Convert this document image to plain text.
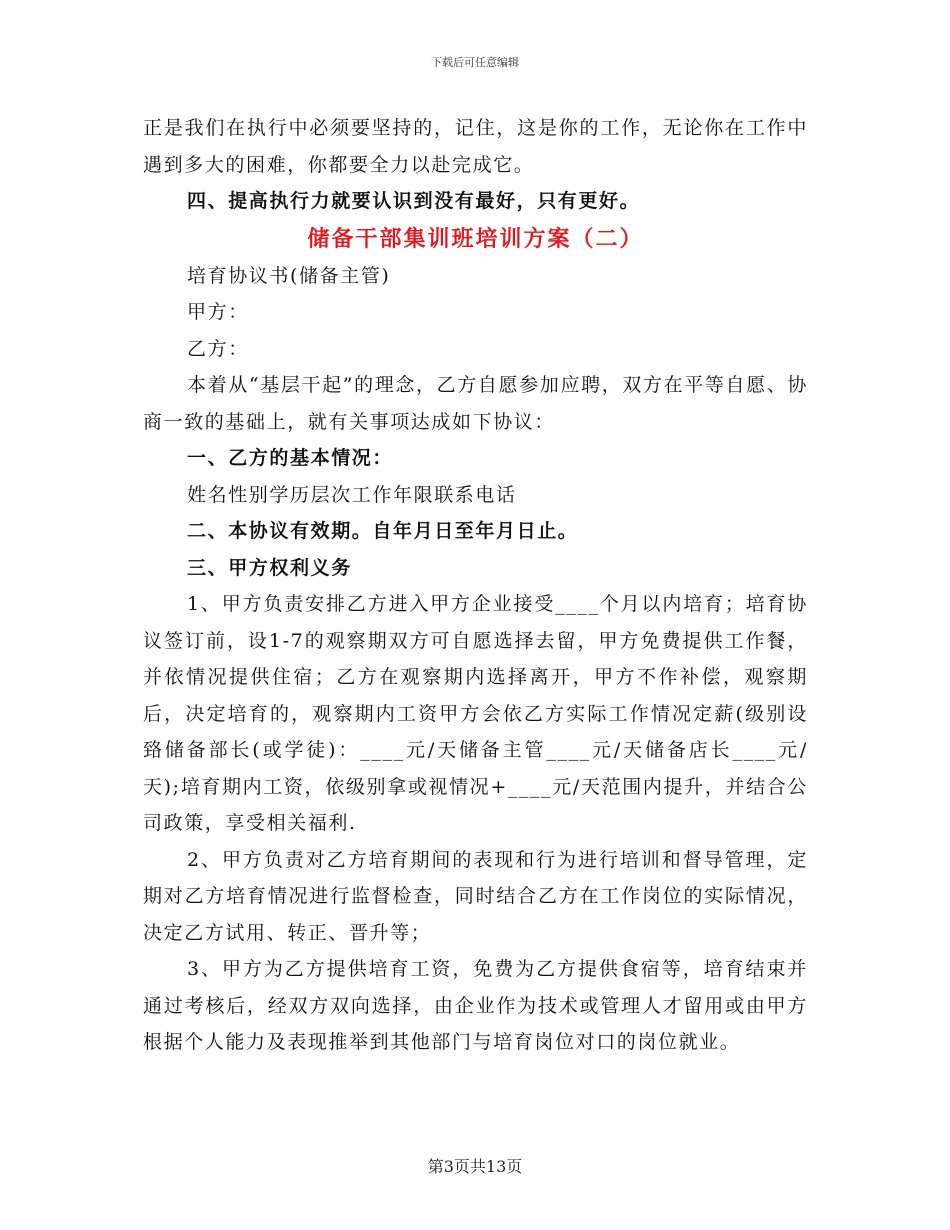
下载后可任意编辑

正是我们在执行中必须要坚持的，记住，这是你的工作，无论你在工作中遇到多大的困难，你都要全力以赴完成它。

四、提高执行力就要认识到没有最好，只有更好。

储备干部集训班培训方案（二）

培育协议书(储备主管)

甲方：

乙方：

本着从“基层干起”的理念，乙方自愿参加应聘，双方在平等自愿、协商一致的基础上，就有关事项达成如下协议：

一、乙方的基本情况：

姓名性别学历层次工作年限联系电话

二、本协议有效期。自年月日至年月日止。

三、甲方权利义务

1、甲方负责安排乙方进入甲方企业接受____个月以内培育；培育协议签订前，设1-7的观察期双方可自愿选择去留，甲方免费提供工作餐，并依情况提供住宿；乙方在观察期内选择离开，甲方不作补偿，观察期后，决定培育的，观察期内工资甲方会依乙方实际工作情况定薪(级别设臵储备部长(或学徒)：____元/天储备主管____元/天储备店长____元/天);培育期内工资，依级别拿或视情况+____元/天范围内提升，并结合公司政策，享受相关福利.

2、甲方负责对乙方培育期间的表现和行为进行培训和督导管理，定期对乙方培育情况进行监督检查，同时结合乙方在工作岗位的实际情况，决定乙方试用、转正、晋升等；

3、甲方为乙方提供培育工资，免费为乙方提供食宿等，培育结束并通过考核后，经双方双向选择，由企业作为技术或管理人才留用或由甲方根据个人能力及表现推举到其他部门与培育岗位对口的岗位就业。

第3页共13页
